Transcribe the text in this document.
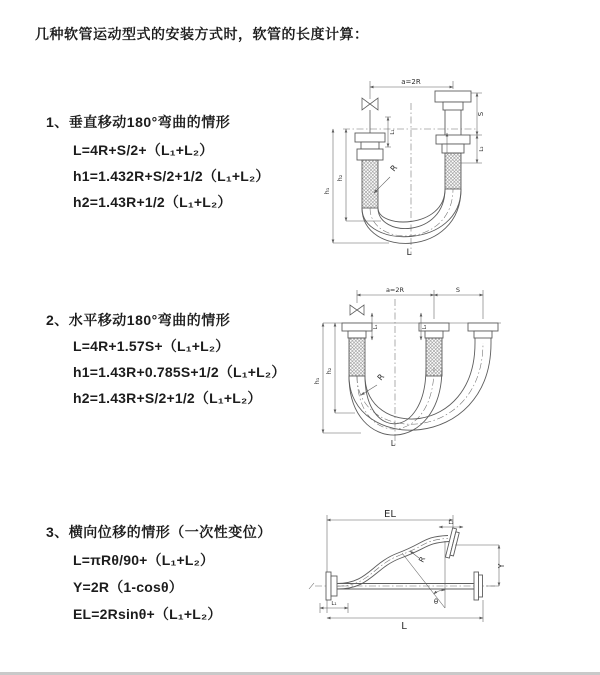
几种软管运动型式的安装方式时，软管的长度计算：
1、垂直移动180°弯曲的情形
L=4R+S/2+（L₁+L₂）
h1=1.432R+S/2+1/2（L₁+L₂）
h2=1.43R+1/2（L₁+L₂）
2、水平移动180°弯曲的情形
L=4R+1.57S+（L₁+L₂）
h1=1.43R+0.785S+1/2（L₁+L₂）
h2=1.43R+S/2+1/2（L₁+L₂）
3、横向位移的情形（一次性变位）
L=πRθ/90+（L₁+L₂）
Y=2R（1-cosθ）
EL=2Rsinθ+（L₁+L₂）
a=2R
R
L
h₁
h₂
L₁
S
L₂
a=2R	S
L₁	L₂
R
h₁
h₂
L
EL
L₂
R
θ
Y
L
L₁
